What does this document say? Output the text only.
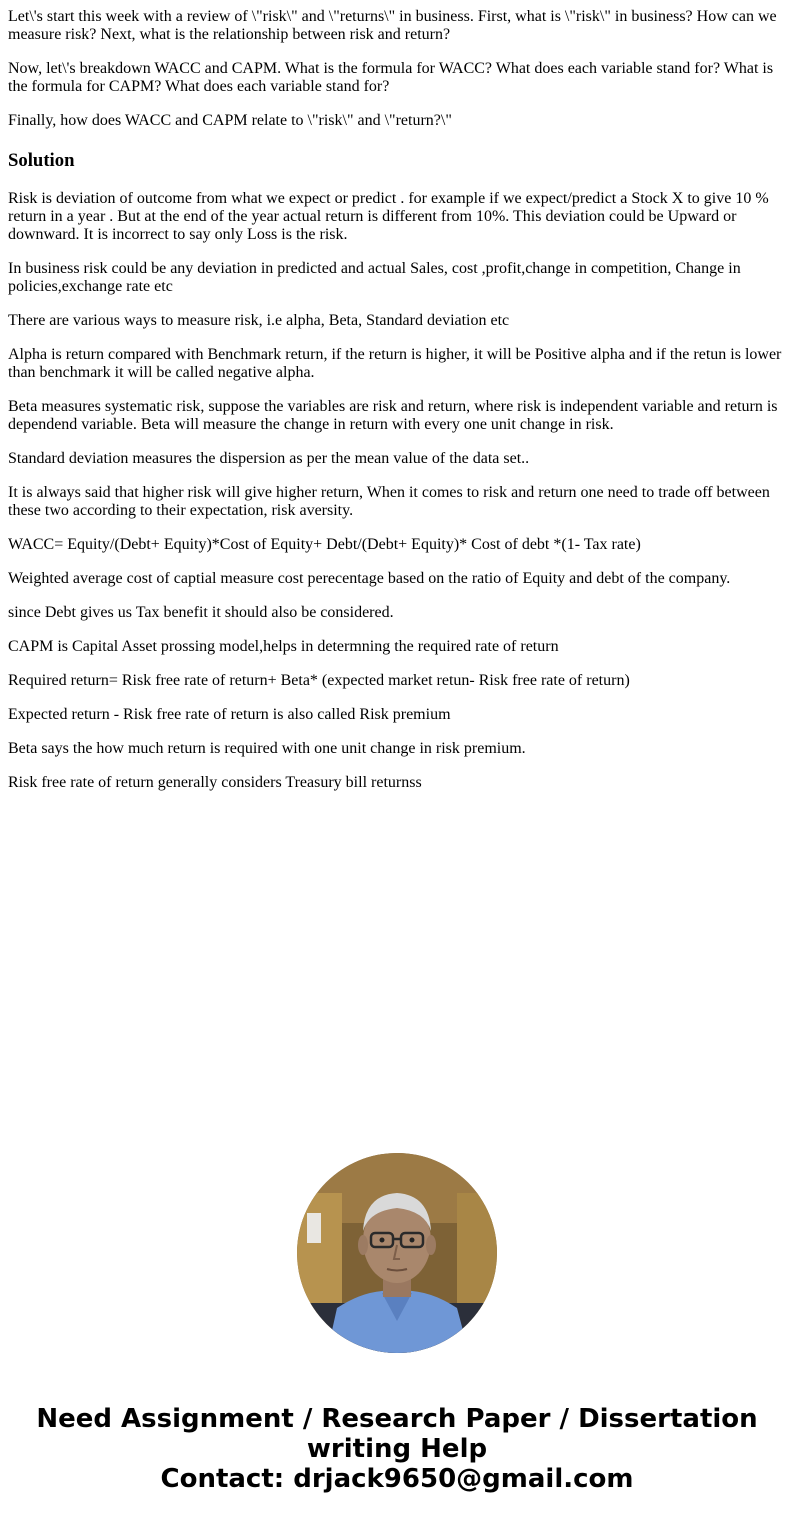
Let\'s start this week with a review of \"risk\" and \"returns\" in business. First, what is \"risk\" in business? How can we measure risk? Next, what is the relationship between risk and return?

Now, let\'s breakdown WACC and CAPM. What is the formula for WACC? What does each variable stand for? What is the formula for CAPM? What does each variable stand for?

Finally, how does WACC and CAPM relate to \"risk\" and \"return?\"

Solution

Risk is deviation of outcome from what we expect or predict . for example if we expect/predict a Stock X to give 10 % return in a year . But at the end of the year actual return is different from 10%. This deviation could be Upward or downward. It is incorrect to say only Loss is the risk.

In business risk could be any deviation in predicted and actual Sales, cost ,profit,change in competition, Change in policies,exchange rate etc

There are various ways to measure risk, i.e alpha, Beta, Standard deviation etc

Alpha is return compared with Benchmark return, if the return is higher, it will be Positive alpha and if the retun is lower than benchmark it will be called negative alpha.

Beta measures systematic risk, suppose the variables are risk and return, where risk is independent variable and return is dependend variable. Beta will measure the change in return with every one unit change in risk.

Standard deviation measures the dispersion as per the mean value of the data set..

It is always said that higher risk will give higher return, When it comes to risk and return one need to trade off between these two according to their expectation, risk aversity.

WACC= Equity/(Debt+ Equity)*Cost of Equity+ Debt/(Debt+ Equity)* Cost of debt *(1- Tax rate)

Weighted average cost of captial measure cost perecentage based on the ratio of Equity and debt of the company.

since Debt gives us Tax benefit it should also be considered.

CAPM is Capital Asset prossing model,helps in determning the required rate of return

Required return= Risk free rate of return+ Beta* (expected market retun- Risk free rate of return)

Expected return - Risk free rate of return is also called Risk premium

Beta says the how much return is required with one unit change in risk premium.

Risk free rate of return generally considers Treasury bill returnss

Need Assignment / Research Paper / Dissertation
writing Help
Contact: drjack9650@gmail.com
